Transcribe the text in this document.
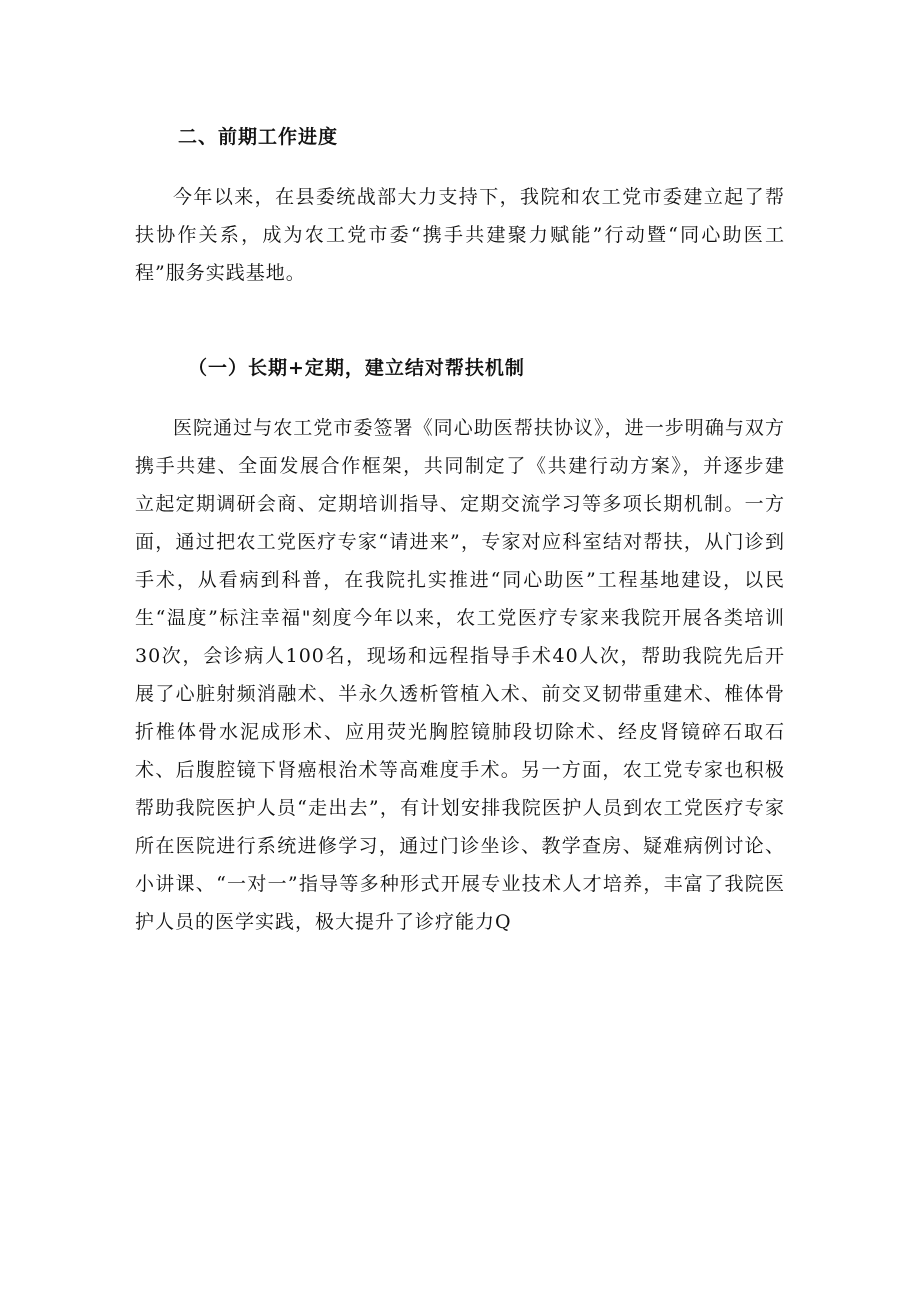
二、前期工作进度

今年以来，在县委统战部大力支持下，我院和农工党市委建立起了帮扶协作关系，成为农工党市委“携手共建聚力赋能”行动暨“同心助医工程”服务实践基地。

（一）长期+定期，建立结对帮扶机制

医院通过与农工党市委签署《同心助医帮扶协议》，进一步明确与双方携手共建、全面发展合作框架，共同制定了《共建行动方案》，并逐步建立起定期调研会商、定期培训指导、定期交流学习等多项长期机制。一方面，通过把农工党医疗专家“请进来”，专家对应科室结对帮扶，从门诊到手术，从看病到科普，在我院扎实推进“同心助医”工程基地建设，以民生“温度”标注幸福"刻度今年以来，农工党医疗专家来我院开展各类培训30次，会诊病人100名，现场和远程指导手术40人次，帮助我院先后开展了心脏射频消融术、半永久透析管植入术、前交叉韧带重建术、椎体骨折椎体骨水泥成形术、应用荧光胸腔镜肺段切除术、经皮肾镜碎石取石术、后腹腔镜下肾癌根治术等高难度手术。另一方面，农工党专家也积极帮助我院医护人员“走出去”，有计划安排我院医护人员到农工党医疗专家所在医院进行系统进修学习，通过门诊坐诊、教学查房、疑难病例讨论、小讲课、“一对一”指导等多种形式开展专业技术人才培养，丰富了我院医护人员的医学实践，极大提升了诊疗能力Q
